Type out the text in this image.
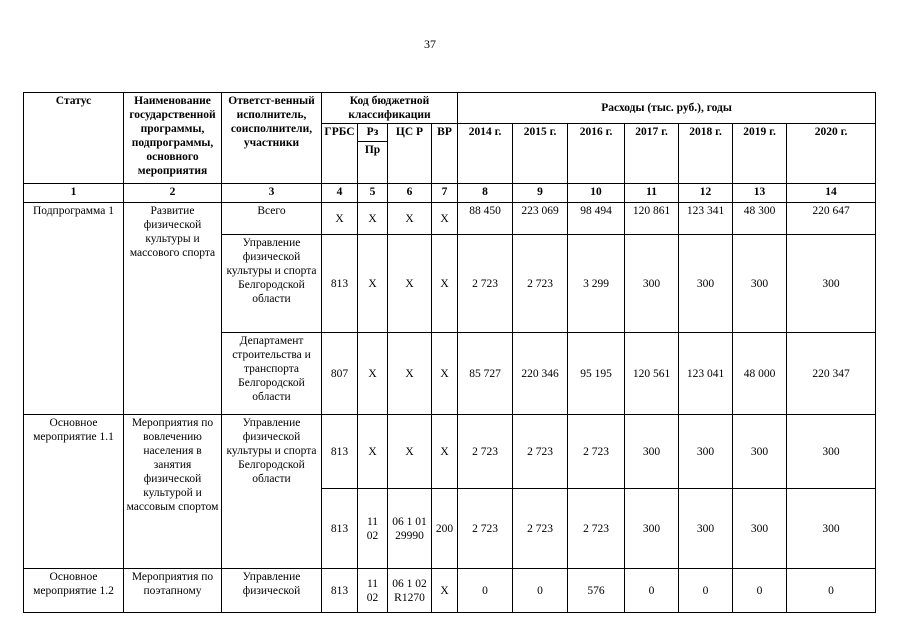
37
Статус	Наименование государственной программы, подпрограммы, основного мероприятия	Ответст-венный исполнитель, соисполнители, участники	Код бюджетной классификации				Расходы (тыс. руб.), годы						
			ГРБС	Рз	ЦС Р	ВР	2014 г.	2015 г.	2016 г.	2017 г.	2018 г.	2019 г.	2020 г.
				Пр									
1	2	3	4	5	6	7	8	9	10	11	12	13	14
Подпрограмма 1	Развитие физической культуры и массового спорта	Всего	Х	Х	Х	Х	88 450	223 069	98 494	120 861	123 341	48 300	220 647
		Управление физической культуры и спорта Белгородской области	813	Х	Х	Х	2 723	2 723	3 299	300	300	300	300
		Департамент строительства и транспорта Белгородской области	807	Х	Х	Х	85 727	220 346	95 195	120 561	123 041	48 000	220 347
Основное мероприятие 1.1	Мероприятия по вовлечению населения в занятия физической культурой и массовым спортом	Управление физической культуры и спорта Белгородской области	813	Х	Х	Х	2 723	2 723	2 723	300	300	300	300
			813	11 02	06 1 01 29990	200	2 723	2 723	2 723	300	300	300	300
Основное мероприятие 1.2	Мероприятия по поэтапному	Управление физической	813	11 02	06 1 02 R1270	Х	0	0	576	0	0	0	0
